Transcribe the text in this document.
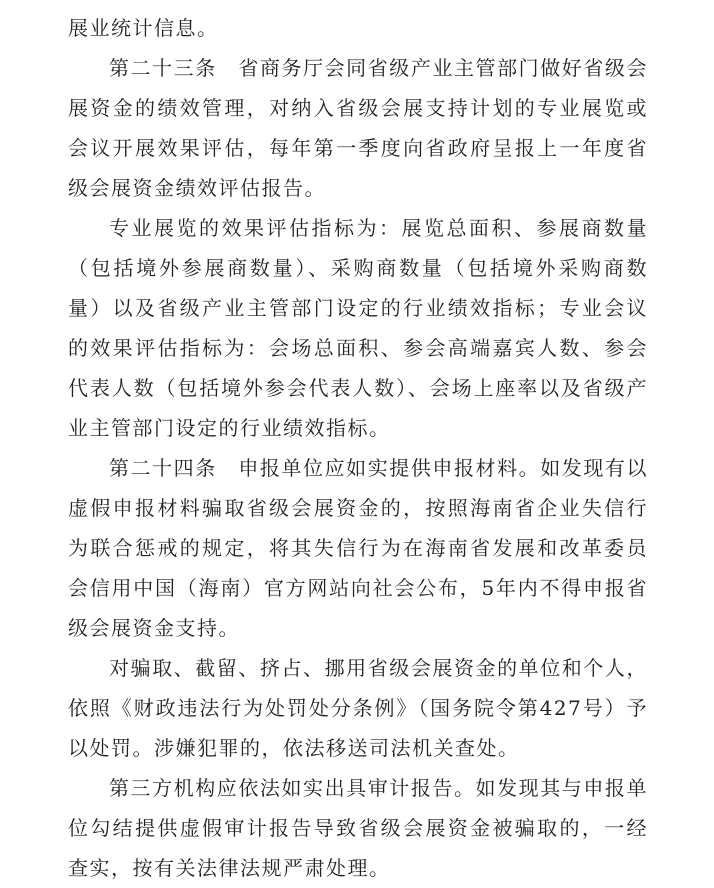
展业统计信息。

第二十三条　省商务厅会同省级产业主管部门做好省级会展资金的绩效管理，对纳入省级会展支持计划的专业展览或会议开展效果评估，每年第一季度向省政府呈报上一年度省级会展资金绩效评估报告。

专业展览的效果评估指标为：展览总面积、参展商数量（包括境外参展商数量）、采购商数量（包括境外采购商数量）以及省级产业主管部门设定的行业绩效指标；专业会议的效果评估指标为：会场总面积、参会高端嘉宾人数、参会代表人数（包括境外参会代表人数）、会场上座率以及省级产业主管部门设定的行业绩效指标。

第二十四条　申报单位应如实提供申报材料。如发现有以虚假申报材料骗取省级会展资金的，按照海南省企业失信行为联合惩戒的规定，将其失信行为在海南省发展和改革委员会信用中国（海南）官方网站向社会公布，5年内不得申报省级会展资金支持。

对骗取、截留、挤占、挪用省级会展资金的单位和个人，依照《财政违法行为处罚处分条例》（国务院令第427号）予以处罚。涉嫌犯罪的，依法移送司法机关查处。

第三方机构应依法如实出具审计报告。如发现其与申报单位勾结提供虚假审计报告导致省级会展资金被骗取的，一经查实，按有关法律法规严肃处理。
